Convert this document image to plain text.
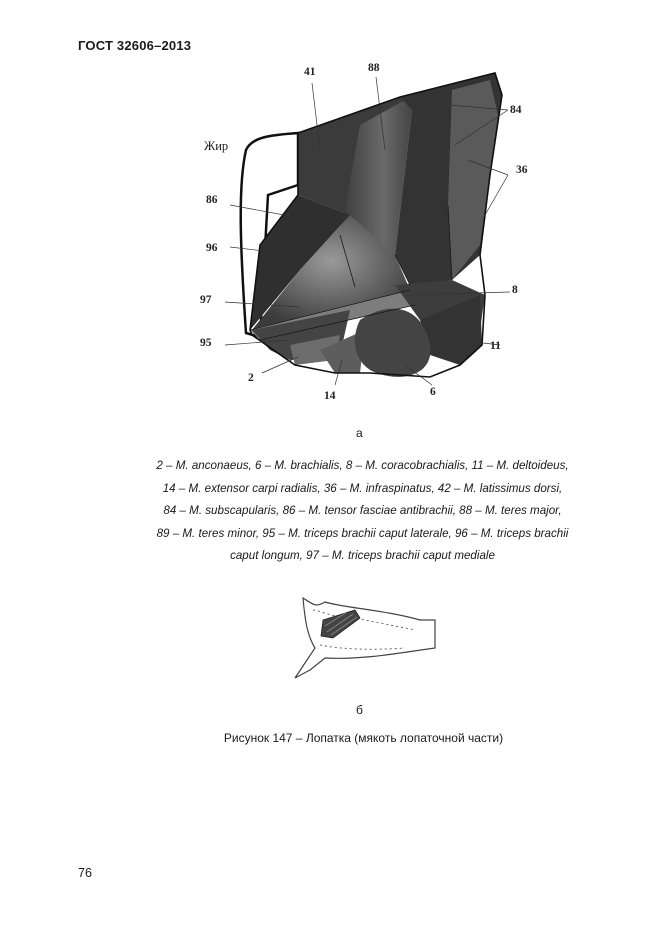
ГОСТ 32606–2013
41	88
84
36
Жир
86
96
97
8
95	11
2
14	6
а
2 – M. anconaeus, 6 – M. brachialis, 8 – M. coracobrachialis, 11 – M. deltoideus,
14 – M. extensor carpi radialis, 36 – M. infraspinatus, 42 – M. latissimus dorsi,
84 – M. subscapularis, 86 – M. tensor fasciae antibrachii, 88 – M. teres major,
89 – M. teres minor, 95 – M. triceps brachii caput laterale, 96 – M. triceps brachii
caput longum, 97 – M. triceps brachii caput mediale
б
Рисунок 147 – Лопатка (мякоть лопаточной части)
76
